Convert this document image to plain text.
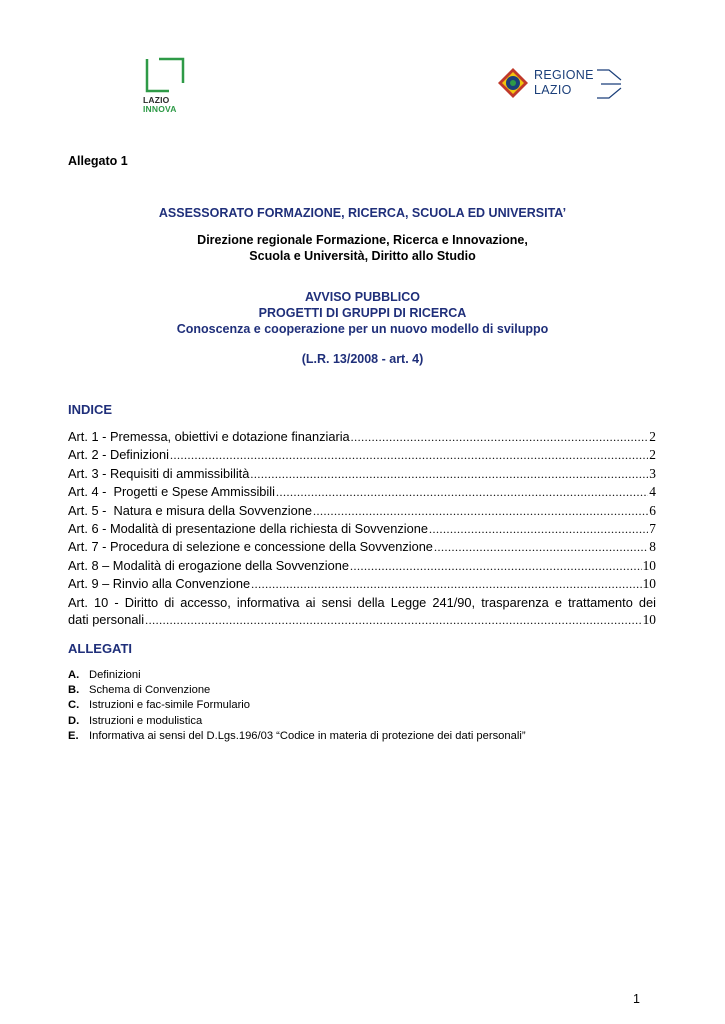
LAZIO
INNOVA
REGIONE
LAZIO
Allegato 1
ASSESSORATO FORMAZIONE, RICERCA, SCUOLA ED UNIVERSITA’
Direzione regionale Formazione, Ricerca e Innovazione,
Scuola e Università, Diritto allo Studio
AVVISO PUBBLICO
PROGETTI DI GRUPPI DI RICERCA
Conoscenza e cooperazione per un nuovo modello di sviluppo
(L.R. 13/2008 - art. 4)
INDICE
Art. 1 - Premessa, obiettivi e dotazione finanziaria .....	2
Art. 2 - Definizioni .....	2
Art. 3 - Requisiti di ammissibilità .....	3
Art. 4 -  Progetti e Spese Ammissibili .....	4
Art. 5 -  Natura e misura della Sovvenzione .....	6
Art. 6 - Modalità di presentazione della richiesta di Sovvenzione .....	7
Art. 7 - Procedura di selezione e concessione della Sovvenzione .....	8
Art. 8 – Modalità di erogazione della Sovvenzione .....	10
Art. 9 – Rinvio alla Convenzione .....	10
Art. 10 - Diritto di accesso, informativa ai sensi della Legge 241/90, trasparenza e trattamento dei
dati personali .....	10
ALLEGATI
A. Definizioni
B. Schema di Convenzione
C. Istruzioni e fac-simile Formulario
D. Istruzioni e modulistica
E. Informativa ai sensi del D.Lgs.196/03 “Codice in materia di protezione dei dati personali”
1
